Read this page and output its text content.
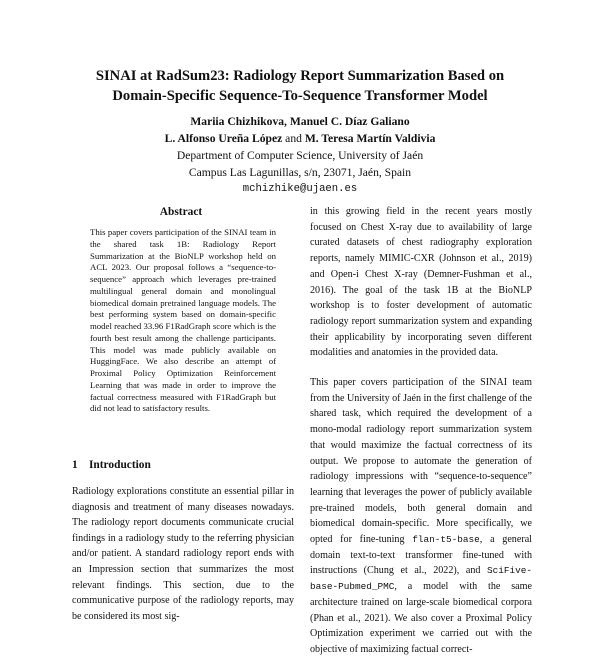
SINAI at RadSum23: Radiology Report Summarization Based on
Domain-Specific Sequence-To-Sequence Transformer Model
Mariia Chizhikova, Manuel C. Díaz Galiano
L. Alfonso Ureña López and M. Teresa Martín Valdivia
Department of Computer Science, University of Jaén
Campus Las Lagunillas, s/n, 23071, Jaén, Spain
mchizhike@ujaen.es
Abstract
This paper covers participation of the SINAI team in the shared task 1B: Radiology Report Summarization at the BioNLP workshop held on ACL 2023. Our proposal follows a “sequence-to-sequence” approach which leverages pre-trained multilingual general domain and monolingual biomedical domain pretrained language models. The best performing system based on domain-specific model reached 33.96 F1RadGraph score which is the fourth best result among the challenge participants. This model was made publicly available on HuggingFace. We also describe an attempt of Proximal Policy Optimization Reinforcement Learning that was made in order to improve the factual correctness measured with F1RadGraph but did not lead to satisfactory results.
1 Introduction
Radiology explorations constitute an essential pillar in diagnosis and treatment of many diseases nowadays. The radiology report documents communicate crucial findings in a radiology study to the referring physician and/or patient. A standard radiology report ends with an Impression section that summarizes the most relevant findings. This section, due to the communicative purpose of the radiology reports, may be considered its most sig-

in this growing field in the recent years mostly focused on Chest X-ray due to availability of large curated datasets of chest radiography exploration reports, namely MIMIC-CXR (Johnson et al., 2019) and Open-i Chest X-ray (Demner-Fushman et al., 2016). The goal of the task 1B at the BioNLP workshop is to foster development of automatic radiology report summarization system and expanding their applicability by incorporating seven different modalities and anatomies in the provided data.

This paper covers participation of the SINAI team from the University of Jaén in the first challenge of the shared task, which required the development of a mono-modal radiology report summarization system that would maximize the factual correctness of its output. We propose to automate the generation of radiology impressions with “sequence-to-sequence” learning that leverages the power of publicly available pre-trained models, both general domain and biomedical domain-specific. More specifically, we opted for fine-tuning flan-t5-base, a general domain text-to-text transformer fine-tuned with instructions (Chung et al., 2022), and SciFive-base-Pubmed_PMC, a model with the same architecture trained on large-scale biomedical corpora (Phan et al., 2021). We also cover a Proximal Policy Optimization experiment we carried out with the objective of maximizing factual correct-
